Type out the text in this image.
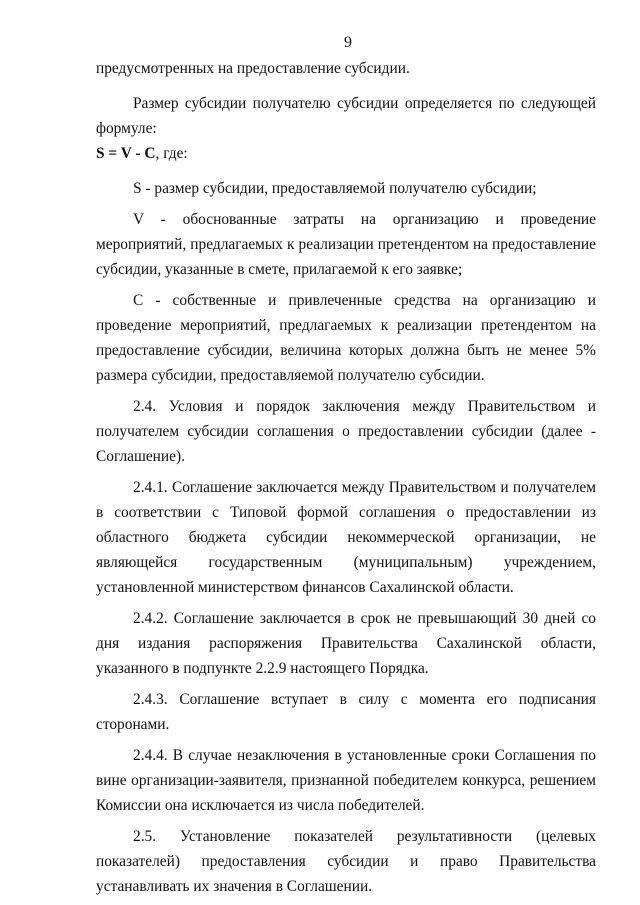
9

предусмотренных на предоставление субсидии.

Размер субсидии получателю субсидии определяется по следующей формуле:

S = V - C, где:

S - размер субсидии, предоставляемой получателю субсидии;

V - обоснованные затраты на организацию и проведение мероприятий, предлагаемых к реализации претендентом на предоставление субсидии, указанные в смете, прилагаемой к его заявке;

C - собственные и привлеченные средства на организацию и проведение мероприятий, предлагаемых к реализации претендентом на предоставление субсидии, величина которых должна быть не менее 5% размера субсидии, предоставляемой получателю субсидии.

2.4. Условия и порядок заключения между Правительством и получателем субсидии соглашения о предоставлении субсидии (далее - Соглашение).

2.4.1. Соглашение заключается между Правительством и получателем в соответствии с Типовой формой соглашения о предоставлении из областного бюджета субсидии некоммерческой организации, не являющейся государственным (муниципальным) учреждением, установленной министерством финансов Сахалинской области.

2.4.2. Соглашение заключается в срок не превышающий 30 дней со дня издания распоряжения Правительства Сахалинской области, указанного в подпункте 2.2.9 настоящего Порядка.

2.4.3. Соглашение вступает в силу с момента его подписания сторонами.

2.4.4. В случае незаключения в установленные сроки Соглашения по вине организации-заявителя, признанной победителем конкурса, решением Комиссии она исключается из числа победителей.

2.5. Установление показателей результативности (целевых показателей) предоставления субсидии и право Правительства устанавливать их значения в Соглашении.
